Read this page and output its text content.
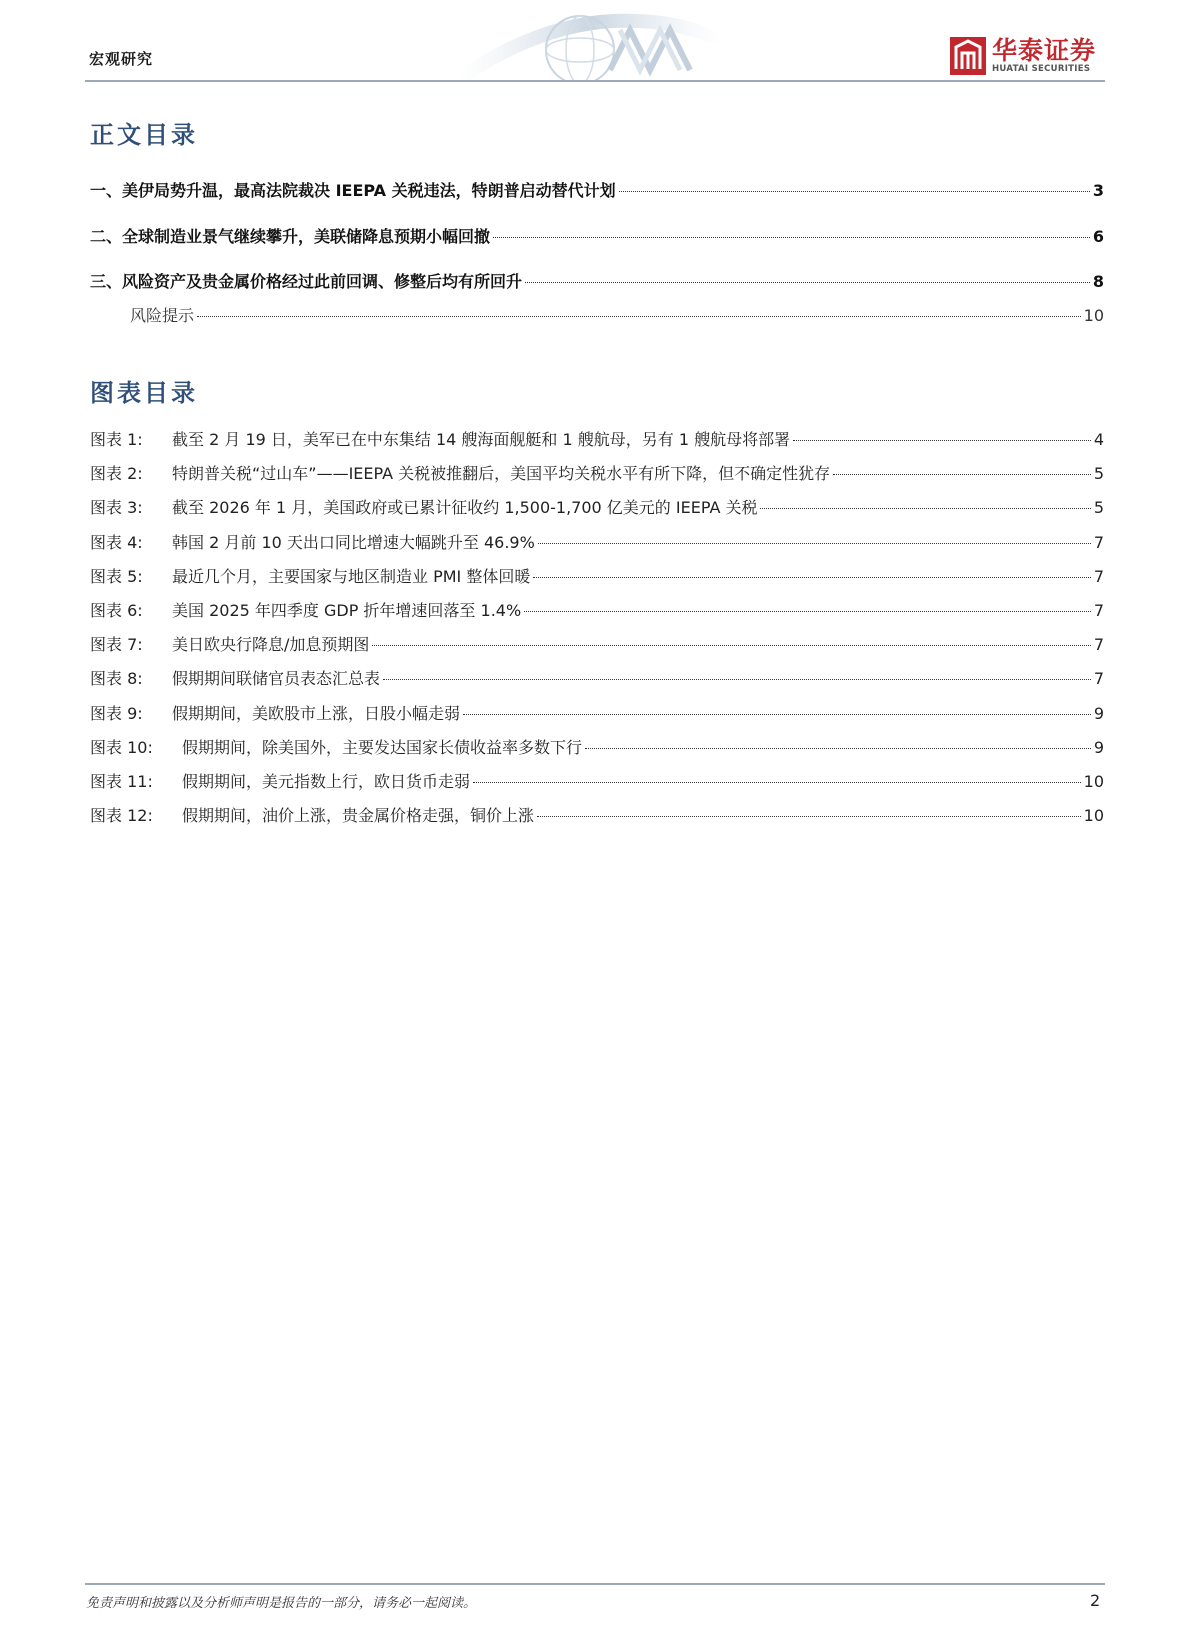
宏观研究	华泰证券
HUATAI SECURITIES
正文目录
一、美伊局势升温，最高法院裁决 IEEPA 关税违法，特朗普启动替代计划	3
二、全球制造业景气继续攀升，美联储降息预期小幅回撤	6
三、风险资产及贵金属价格经过此前回调、修整后均有所回升	8
风险提示	10
图表目录
图表 1: 截至 2 月 19 日，美军已在中东集结 14 艘海面舰艇和 1 艘航母，另有 1 艘航母将部署	4
图表 2: 特朗普关税“过山车”——IEEPA 关税被推翻后，美国平均关税水平有所下降，但不确定性犹存	5
图表 3: 截至 2026 年 1 月，美国政府或已累计征收约 1,500-1,700 亿美元的 IEEPA 关税	5
图表 4: 韩国 2 月前 10 天出口同比增速大幅跳升至 46.9%	7
图表 5: 最近几个月，主要国家与地区制造业 PMI 整体回暖	7
图表 6: 美国 2025 年四季度 GDP 折年增速回落至 1.4%	7
图表 7: 美日欧央行降息/加息预期图	7
图表 8: 假期期间联储官员表态汇总表	7
图表 9: 假期期间，美欧股市上涨，日股小幅走弱	9
图表 10: 假期期间，除美国外，主要发达国家长债收益率多数下行	9
图表 11: 假期期间，美元指数上行，欧日货币走弱	10
图表 12: 假期期间，油价上涨，贵金属价格走强，铜价上涨	10
免责声明和披露以及分析师声明是报告的一部分，请务必一起阅读。	2
